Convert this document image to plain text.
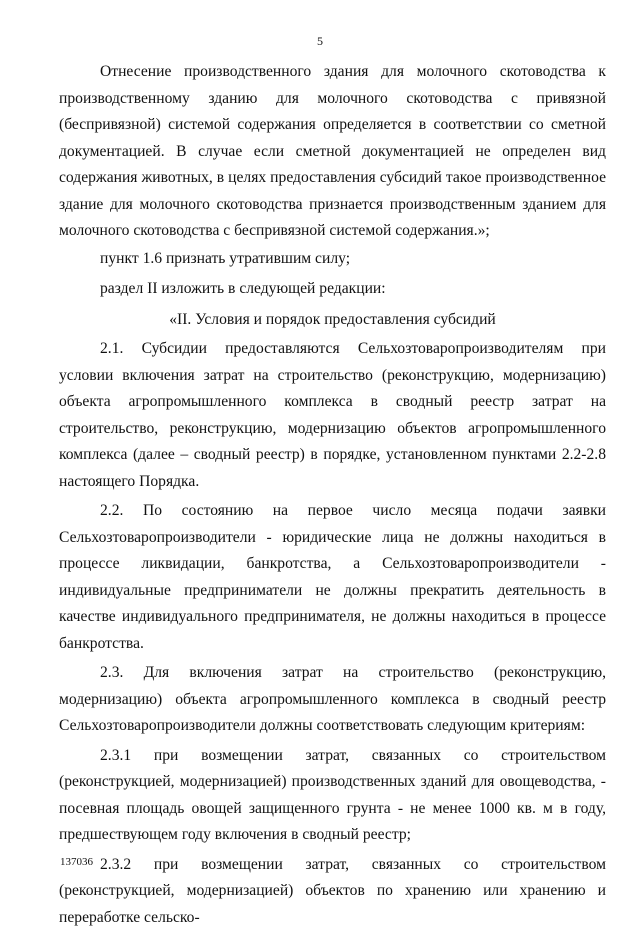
5

Отнесение производственного здания для молочного скотоводства к производственному зданию для молочного скотоводства с привязной (беспривязной) системой содержания определяется в соответствии со сметной документацией. В случае если сметной документацией не определен вид содержания животных, в целях предоставления субсидий такое производственное здание для молочного скотоводства признается производственным зданием для молочного скотоводства с беспривязной системой содержания.»;

пункт 1.6 признать утратившим силу;

раздел II изложить в следующей редакции:

«II. Условия и порядок предоставления субсидий

2.1. Субсидии предоставляются Сельхозтоваропроизводителям при условии включения затрат на строительство (реконструкцию, модернизацию) объекта агропромышленного комплекса в сводный реестр затрат на строительство, реконструкцию, модернизацию объектов агропромышленного комплекса (далее – сводный реестр) в порядке, установленном пунктами 2.2-2.8 настоящего Порядка.

2.2. По состоянию на первое число месяца подачи заявки Сельхозтоваропроизводители - юридические лица не должны находиться в процессе ликвидации, банкротства, а Сельхозтоваропроизводители - индивидуальные предприниматели не должны прекратить деятельность в качестве индивидуального предпринимателя, не должны находиться в процессе банкротства.

2.3. Для включения затрат на строительство (реконструкцию, модернизацию) объекта агропромышленного комплекса в сводный реестр Сельхозтоваропроизводители должны соответствовать следующим критериям:

2.3.1 при возмещении затрат, связанных со строительством (реконструкцией, модернизацией) производственных зданий для овощеводства, - посевная площадь овощей защищенного грунта - не менее 1000 кв. м в году, предшествующем году включения в сводный реестр;

2.3.2 при возмещении затрат, связанных со строительством (реконструкцией, модернизацией) объектов по хранению или хранению и переработке сельско-

137036
